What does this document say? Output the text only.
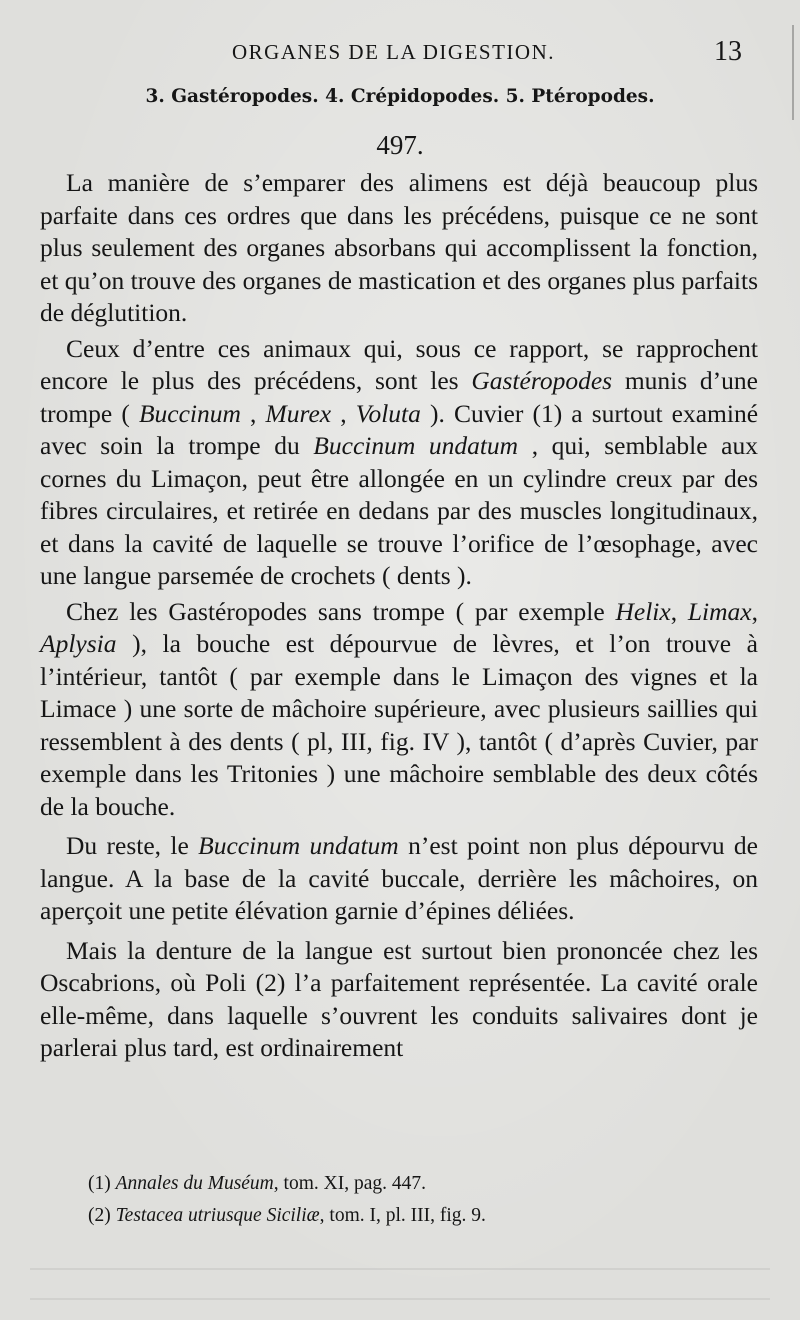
ORGANES DE LA DIGESTION.	13
3. Gastéropodes. 4. Crépidopodes. 5. Ptéropodes.
497.

La manière de s’emparer des alimens est déjà beaucoup plus parfaite dans ces ordres que dans les précédens, puisque ce ne sont plus seulement des organes absorbans qui accomplissent la fonction, et qu’on trouve des organes de mastication et des organes plus parfaits de déglutition.

Ceux d’entre ces animaux qui, sous ce rapport, se rapprochent encore le plus des précédens, sont les Gastéropodes munis d’une trompe ( Buccinum , Murex , Voluta ). Cuvier (1) a surtout examiné avec soin la trompe du Buccinum undatum , qui, semblable aux cornes du Limaçon, peut être allongée en un cylindre creux par des fibres circulaires, et retirée en dedans par des muscles longitudinaux, et dans la cavité de laquelle se trouve l’orifice de l’œsophage, avec une langue parsemée de crochets ( dents ).

Chez les Gastéropodes sans trompe ( par exemple Helix, Limax, Aplysia ), la bouche est dépourvue de lèvres, et l’on trouve à l’intérieur, tantôt ( par exemple dans le Limaçon des vignes et la Limace ) une sorte de mâchoire supérieure, avec plusieurs saillies qui ressemblent à des dents ( pl, III, fig. IV ), tantôt ( d’après Cuvier, par exemple dans les Tritonies ) une mâchoire semblable des deux côtés de la bouche.

Du reste, le Buccinum undatum n’est point non plus dépourvu de langue. A la base de la cavité buccale, derrière les mâchoires, on aperçoit une petite élévation garnie d’épines déliées.

Mais la denture de la langue est surtout bien prononcée chez les Oscabrions, où Poli (2) l’a parfaitement représentée. La cavité orale elle-même, dans laquelle s’ouvrent les conduits salivaires dont je parlerai plus tard, est ordinairement

(1) Annales du Muséum, tom. XI, pag. 447.
(2) Testacea utriusque Siciliæ, tom. I, pl. III, fig. 9.
